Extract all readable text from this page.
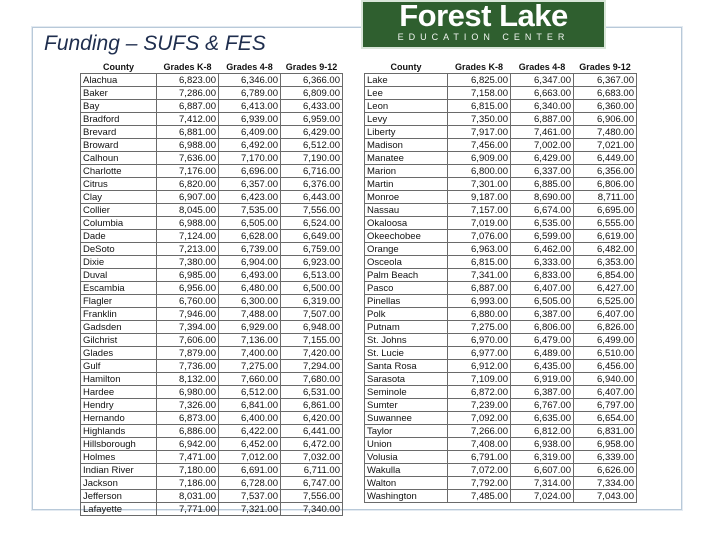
Funding – SUFS & FES
Forest Lake
EDUCATION CENTER
County	Grades K-8	Grades 4-8	Grades 9-12
Alachua	6,823.00	6,346.00	6,366.00
Baker	7,286.00	6,789.00	6,809.00
Bay	6,887.00	6,413.00	6,433.00
Bradford	7,412.00	6,939.00	6,959.00
Brevard	6,881.00	6,409.00	6,429.00
Broward	6,988.00	6,492.00	6,512.00
Calhoun	7,636.00	7,170.00	7,190.00
Charlotte	7,176.00	6,696.00	6,716.00
Citrus	6,820.00	6,357.00	6,376.00
Clay	6,907.00	6,423.00	6,443.00
Collier	8,045.00	7,535.00	7,556.00
Columbia	6,988.00	6,505.00	6,524.00
Dade	7,124.00	6,628.00	6,649.00
DeSoto	7,213.00	6,739.00	6,759.00
Dixie	7,380.00	6,904.00	6,923.00
Duval	6,985.00	6,493.00	6,513.00
Escambia	6,956.00	6,480.00	6,500.00
Flagler	6,760.00	6,300.00	6,319.00
Franklin	7,946.00	7,488.00	7,507.00
Gadsden	7,394.00	6,929.00	6,948.00
Gilchrist	7,606.00	7,136.00	7,155.00
Glades	7,879.00	7,400.00	7,420.00
Gulf	7,736.00	7,275.00	7,294.00
Hamilton	8,132.00	7,660.00	7,680.00
Hardee	6,980.00	6,512.00	6,531.00
Hendry	7,326.00	6,841.00	6,861.00
Hernando	6,873.00	6,400.00	6,420.00
Highlands	6,886.00	6,422.00	6,441.00
Hillsborough	6,942.00	6,452.00	6,472.00
Holmes	7,471.00	7,012.00	7,032.00
Indian River	7,180.00	6,691.00	6,711.00
Jackson	7,186.00	6,728.00	6,747.00
Jefferson	8,031.00	7,537.00	7,556.00
Lafayette	7,771.00	7,321.00	7,340.00
County	Grades K-8	Grades 4-8	Grades 9-12
Lake	6,825.00	6,347.00	6,367.00
Lee	7,158.00	6,663.00	6,683.00
Leon	6,815.00	6,340.00	6,360.00
Levy	7,350.00	6,887.00	6,906.00
Liberty	7,917.00	7,461.00	7,480.00
Madison	7,456.00	7,002.00	7,021.00
Manatee	6,909.00	6,429.00	6,449.00
Marion	6,800.00	6,337.00	6,356.00
Martin	7,301.00	6,885.00	6,806.00
Monroe	9,187.00	8,690.00	8,711.00
Nassau	7,157.00	6,674.00	6,695.00
Okaloosa	7,019.00	6,535.00	6,555.00
Okeechobee	7,076.00	6,599.00	6,619.00
Orange	6,963.00	6,462.00	6,482.00
Osceola	6,815.00	6,333.00	6,353.00
Palm Beach	7,341.00	6,833.00	6,854.00
Pasco	6,887.00	6,407.00	6,427.00
Pinellas	6,993.00	6,505.00	6,525.00
Polk	6,880.00	6,387.00	6,407.00
Putnam	7,275.00	6,806.00	6,826.00
St. Johns	6,970.00	6,479.00	6,499.00
St. Lucie	6,977.00	6,489.00	6,510.00
Santa Rosa	6,912.00	6,435.00	6,456.00
Sarasota	7,109.00	6,919.00	6,940.00
Seminole	6,872.00	6,387.00	6,407.00
Sumter	7,239.00	6,767.00	6,797.00
Suwannee	7,092.00	6,635.00	6,654.00
Taylor	7,266.00	6,812.00	6,831.00
Union	7,408.00	6,938.00	6,958.00
Volusia	6,791.00	6,319.00	6,339.00
Wakulla	7,072.00	6,607.00	6,626.00
Walton	7,792.00	7,314.00	7,334.00
Washington	7,485.00	7,024.00	7,043.00
